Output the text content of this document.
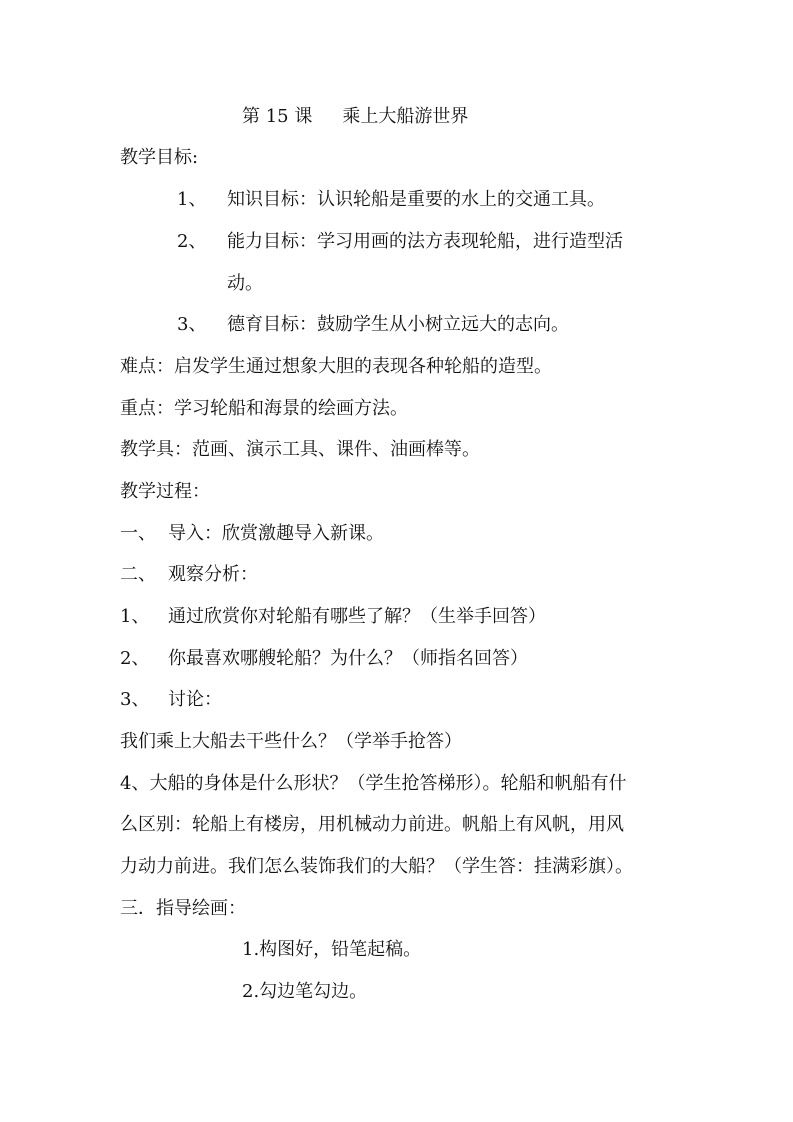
第 15 课 乘上大船游世界
教学目标:
1、 知识目标：认识轮船是重要的水上的交通工具。
2、 能力目标：学习用画的法方表现轮船，进行造型活
动。
3、 德育目标：鼓励学生从小树立远大的志向。
难点：启发学生通过想象大胆的表现各种轮船的造型。
重点：学习轮船和海景的绘画方法。
教学具：范画、演示工具、课件、油画棒等。
教学过程：
一、 导入：欣赏激趣导入新课。
二、 观察分析：
1、 通过欣赏你对轮船有哪些了解？（生举手回答）
2、 你最喜欢哪艘轮船？为什么？（师指名回答）
3、 讨论：
我们乘上大船去干些什么？（学举手抢答）
4、大船的身体是什么形状？（学生抢答梯形）。轮船和帆船有什
么区别：轮船上有楼房，用机械动力前进。帆船上有风帆，用风
力动力前进。我们怎么装饰我们的大船？（学生答：挂满彩旗）。
三．指导绘画：
1.构图好，铅笔起稿。
2.勾边笔勾边。
